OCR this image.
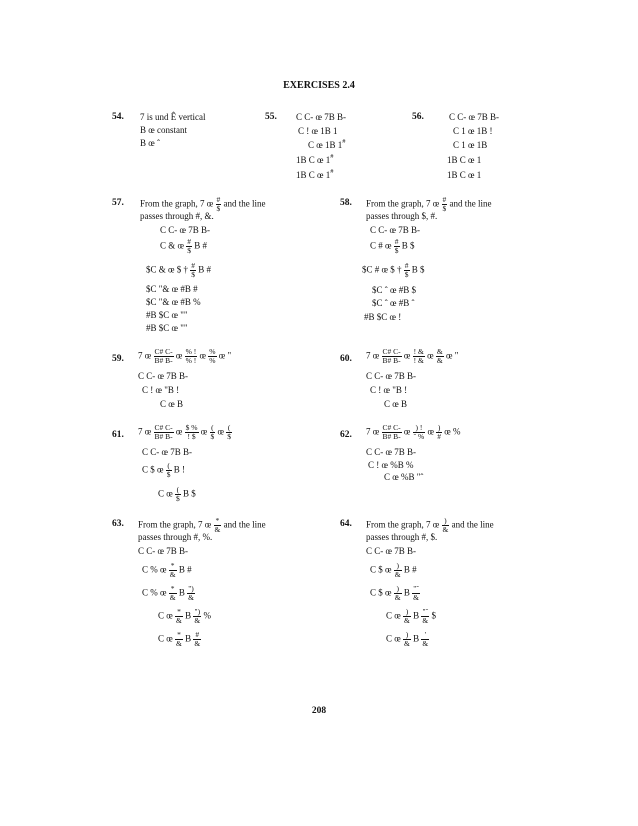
EXERCISES 2.4
54. 7 is und Ê vertical
B œ constant
B œ ˆ
55. C C- œ 7B B-
C ! œ 1B 1
C œ 1B 1#
1B C œ 1#
1B C œ 1#
56.	C C- œ 7B B-
C 1 œ 1B !
C 1 œ 1B
1B C œ 1
1B C œ 1
57. From the graph, 7 œ $\frac{\#}{\$}$ and the line
passes through #, &.
C C- œ 7B B-
C & œ $\frac{\#}{\$}$ B #
$C & œ $ † $\frac{\#}{\$}$ B #
$C "& œ #B #
$C "& œ #B %
#B $C œ ""
#B $C œ ""
58. From the graph, 7 œ $\frac{\#}{\$}$ and the line
passes through $, #.
C C- œ 7B B-
C # œ $\frac{\#}{\$}$ B $
$C # œ $ † $\frac{\#}{\$}$ B $
$C ˆ œ #B $
$C ˆ œ #B ˆ
#B $C œ !
59. 7 œ $\frac{C\# C-}{B\# B-}$ œ $\frac{\% !}{\% !}$ œ $\frac{\%}{\%}$ œ "
C C- œ 7B B-
C ! œ "B !
C œ B
60. 7 œ $\frac{C\# C-}{B\# B-}$ œ $\frac{! \&}{! \&}$ œ $\frac{\&}{\&}$ œ "
C C- œ 7B B-
C ! œ "B !
C œ B
61. 7 œ $\frac{C\# C-}{B\# B-}$ œ $\frac{\$ \%}{! \$}$ œ $\frac{(}{\$}$ œ $\frac{(}{\$}$
C C- œ 7B B-
C $ œ $\frac{(}{\$}$ B !
C œ $\frac{(}{\$}$ B $
62. 7 œ $\frac{C\# C-}{B\# B-}$ œ $\frac{) !}{\text{ˆ \%}}$ œ $\frac{)}{\#}$ œ %
C C- œ 7B B-
C ! œ %B %
C œ %B "ˆ
63. From the graph, 7 œ $\frac{*}{\&}$ and the line
passes through #, %.
C C- œ 7B B-
C % œ $\frac{*}{\&}$ B #
C % œ $\frac{*}{\&}$ B $\frac{")}{\&}$
C œ $\frac{*}{\&}$ B $\frac{")}{\&}$ %
C œ $\frac{*}{\&}$ B $\frac{\#}{\&}$
64. From the graph, 7 œ $\frac{)}{\&}$ and the line
passes through #, $.
C C- œ 7B B-
C $ œ $\frac{)}{\&}$ B #
C $ œ $\frac{)}{\&}$ B $\frac{\text{"ˆ}}{\&}$
C œ $\frac{)}{\&}$ B $\frac{\text{"ˆ}}{\&}$ $
C œ $\frac{)}{\&}$ B $\frac{'}{\&}$
208
